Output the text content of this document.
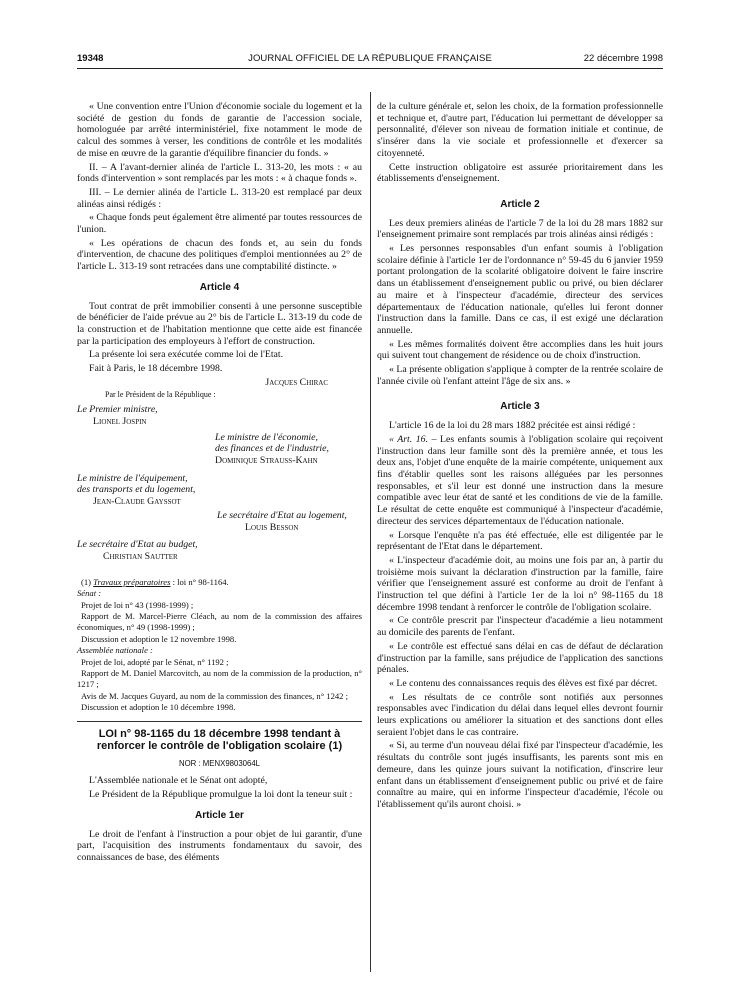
19348	JOURNAL OFFICIEL DE LA RÉPUBLIQUE FRANÇAISE	22 décembre 1998

« Une convention entre l'Union d'économie sociale du logement et la société de gestion du fonds de garantie de l'accession sociale, homologuée par arrêté interministériel, fixe notamment le mode de calcul des sommes à verser, les conditions de contrôle et les modalités de mise en œuvre de la garantie d'équilibre financier du fonds. »

II. – A l'avant-dernier alinéa de l'article L. 313-20, les mots : « au fonds d'intervention » sont remplacés par les mots : « à chaque fonds ».

III. – Le dernier alinéa de l'article L. 313-20 est remplacé par deux alinéas ainsi rédigés :

« Chaque fonds peut également être alimenté par toutes ressources de l'union.

« Les opérations de chacun des fonds et, au sein du fonds d'intervention, de chacune des politiques d'emploi mentionnées au 2° de l'article L. 313-19 sont retracées dans une comptabilité distincte. »

Article 4

Tout contrat de prêt immobilier consenti à une personne susceptible de bénéficier de l'aide prévue au 2° bis de l'article L. 313-19 du code de la construction et de l'habitation mentionne que cette aide est financée par la participation des employeurs à l'effort de construction.

La présente loi sera exécutée comme loi de l'Etat.

Fait à Paris, le 18 décembre 1998.

Jacques Chirac

Par le Président de la République :

Le Premier ministre,

Lionel Jospin

Le ministre de l'économie,

des finances et de l'industrie,

Dominique Strauss-Kahn

Le ministre de l'équipement,

des transports et du logement,

Jean-Claude Gayssot

Le secrétaire d'Etat au logement,

Louis Besson

Le secrétaire d'Etat au budget,

Christian Sautter

(1) Travaux préparatoires : loi n° 98-1164.

Sénat :

Projet de loi n° 43 (1998-1999) ;

Rapport de M. Marcel-Pierre Cléach, au nom de la commission des affaires économiques, n° 49 (1998-1999) ;

Discussion et adoption le 12 novembre 1998.

Assemblée nationale :

Projet de loi, adopté par le Sénat, n° 1192 ;

Rapport de M. Daniel Marcovitch, au nom de la commission de la production, n° 1217 ;

Avis de M. Jacques Guyard, au nom de la commission des finances, n° 1242 ;

Discussion et adoption le 10 décembre 1998.

LOI n° 98-1165 du 18 décembre 1998 tendant à renforcer le contrôle de l'obligation scolaire (1)
NOR : MENX9803064L

L'Assemblée nationale et le Sénat ont adopté,

Le Président de la République promulgue la loi dont la teneur suit :

Article 1er

Le droit de l'enfant à l'instruction a pour objet de lui garantir, d'une part, l'acquisition des instruments fondamentaux du savoir, des connaissances de base, des éléments

de la culture générale et, selon les choix, de la formation professionnelle et technique et, d'autre part, l'éducation lui permettant de développer sa personnalité, d'élever son niveau de formation initiale et continue, de s'insérer dans la vie sociale et professionnelle et d'exercer sa citoyenneté.

Cette instruction obligatoire est assurée prioritairement dans les établissements d'enseignement.

Article 2

Les deux premiers alinéas de l'article 7 de la loi du 28 mars 1882 sur l'enseignement primaire sont remplacés par trois alinéas ainsi rédigés :

« Les personnes responsables d'un enfant soumis à l'obligation scolaire définie à l'article 1er de l'ordonnance n° 59-45 du 6 janvier 1959 portant prolongation de la scolarité obligatoire doivent le faire inscrire dans un établissement d'enseignement public ou privé, ou bien déclarer au maire et à l'inspecteur d'académie, directeur des services départementaux de l'éducation nationale, qu'elles lui feront donner l'instruction dans la famille. Dans ce cas, il est exigé une déclaration annuelle.

« Les mêmes formalités doivent être accomplies dans les huit jours qui suivent tout changement de résidence ou de choix d'instruction.

« La présente obligation s'applique à compter de la rentrée scolaire de l'année civile où l'enfant atteint l'âge de six ans. »

Article 3

L'article 16 de la loi du 28 mars 1882 précitée est ainsi rédigé :

« Art. 16. – Les enfants soumis à l'obligation scolaire qui reçoivent l'instruction dans leur famille sont dès la première année, et tous les deux ans, l'objet d'une enquête de la mairie compétente, uniquement aux fins d'établir quelles sont les raisons alléguées par les personnes responsables, et s'il leur est donné une instruction dans la mesure compatible avec leur état de santé et les conditions de vie de la famille. Le résultat de cette enquête est communiqué à l'inspecteur d'académie, directeur des services départementaux de l'éducation nationale.

« Lorsque l'enquête n'a pas été effectuée, elle est diligentée par le représentant de l'Etat dans le département.

« L'inspecteur d'académie doit, au moins une fois par an, à partir du troisième mois suivant la déclaration d'instruction par la famille, faire vérifier que l'enseignement assuré est conforme au droit de l'enfant à l'instruction tel que défini à l'article 1er de la loi n° 98-1165 du 18 décembre 1998 tendant à renforcer le contrôle de l'obligation scolaire.

« Ce contrôle prescrit par l'inspecteur d'académie a lieu notamment au domicile des parents de l'enfant.

« Le contrôle est effectué sans délai en cas de défaut de déclaration d'instruction par la famille, sans préjudice de l'application des sanctions pénales.

« Le contenu des connaissances requis des élèves est fixé par décret.

« Les résultats de ce contrôle sont notifiés aux personnes responsables avec l'indication du délai dans lequel elles devront fournir leurs explications ou améliorer la situation et des sanctions dont elles seraient l'objet dans le cas contraire.

« Si, au terme d'un nouveau délai fixé par l'inspecteur d'académie, les résultats du contrôle sont jugés insuffisants, les parents sont mis en demeure, dans les quinze jours suivant la notification, d'inscrire leur enfant dans un établissement d'enseignement public ou privé et de faire connaître au maire, qui en informe l'inspecteur d'académie, l'école ou l'établissement qu'ils auront choisi. »
